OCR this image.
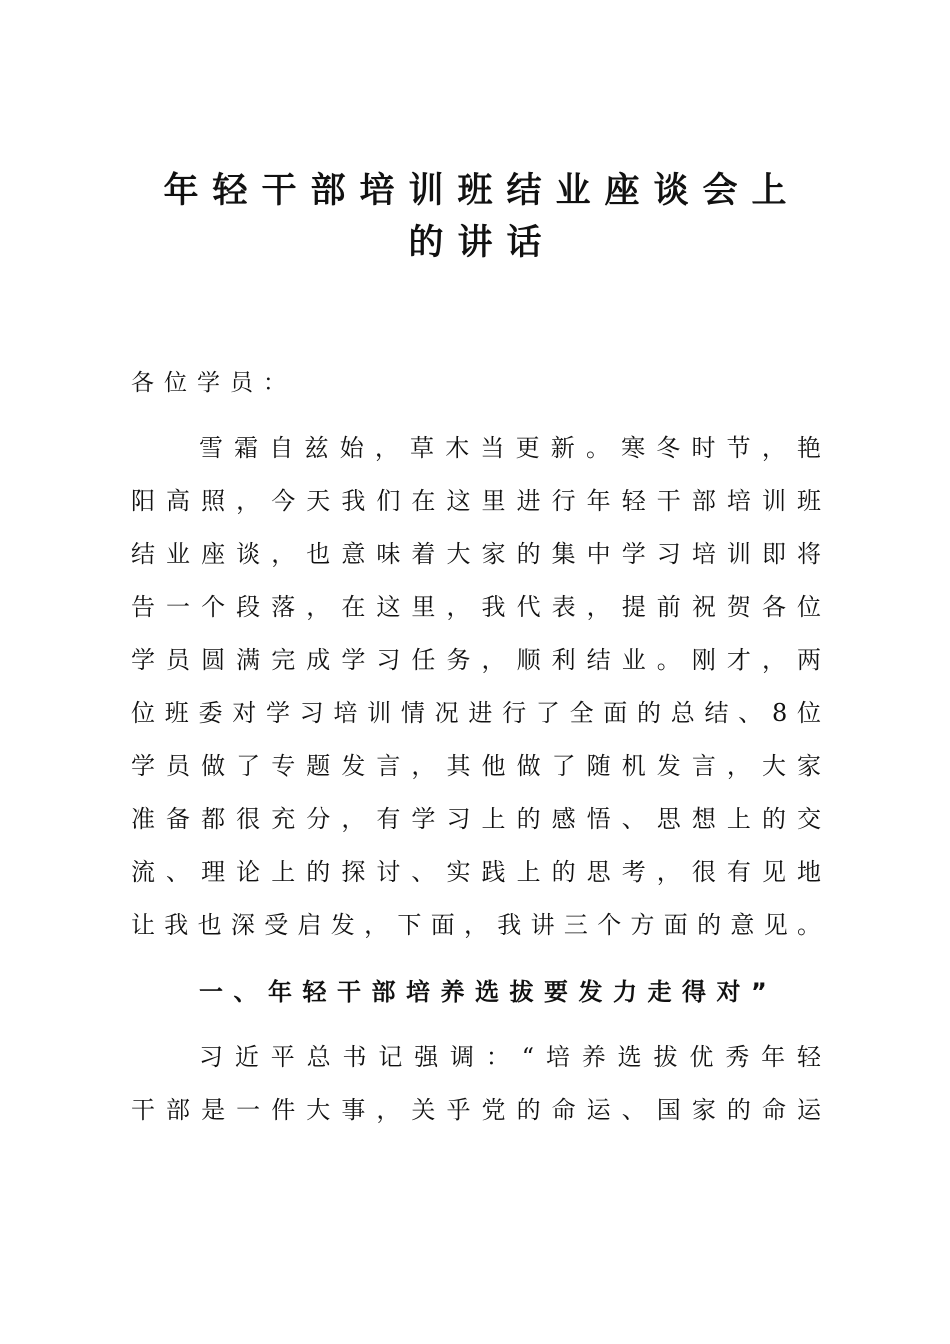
年轻干部培训班结业座谈会上
的讲话
各位学员：
雪霜自兹始，草木当更新。寒冬时节，艳
阳高照，今天我们在这里进行年轻干部培训班
结业座谈，也意味着大家的集中学习培训即将
告一个段落，在这里，我代表，提前祝贺各位
学员圆满完成学习任务，顺利结业。刚才，两
位班委对学习培训情况进行了全面的总结、8位
学员做了专题发言，其他做了随机发言，大家
准备都很充分，有学习上的感悟、思想上的交
流、理论上的探讨、实践上的思考，很有见地
让我也深受启发，下面，我讲三个方面的意见。
一、年轻干部培养选拔要发力走得对”
习近平总书记强调：“培养选拔优秀年轻
干部是一件大事，关乎党的命运、国家的命运
